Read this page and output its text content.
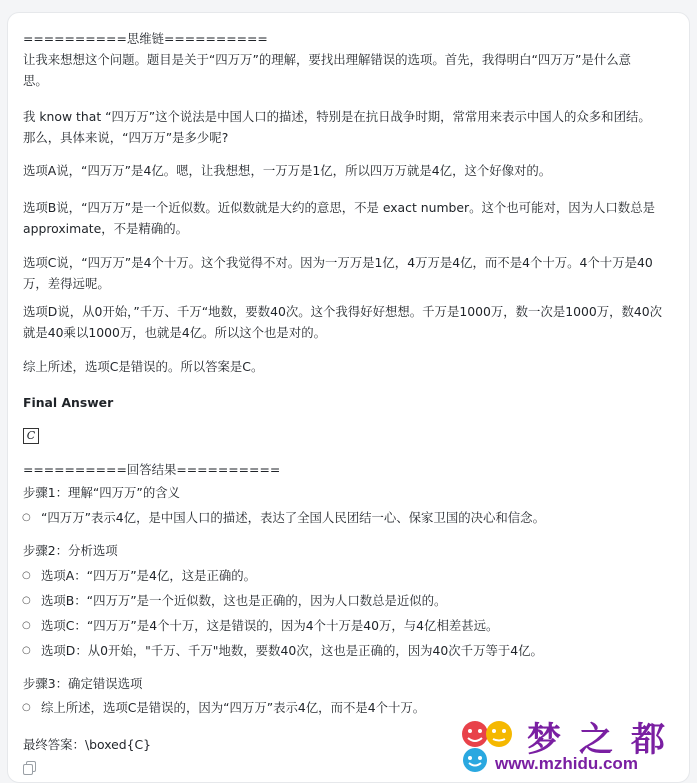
==========思维链==========
让我来想想这个问题。题目是关于“四万万”的理解，要找出理解错误的选项。首先，我得明白“四万万”是什么意
思。
我 know that “四万万”这个说法是中国人口的描述，特别是在抗日战争时期，常常用来表示中国人的众多和团结。
那么，具体来说，“四万万”是多少呢?
选项A说，“四万万”是4亿。嗯，让我想想，一万万是1亿，所以四万万就是4亿，这个好像对的。
选项B说，“四万万”是一个近似数。近似数就是大约的意思，不是 exact number。这个也可能对，因为人口数总是
approximate，不是精确的。
选项C说，“四万万”是4个十万。这个我觉得不对。因为一万万是1亿，4万万是4亿，而不是4个十万。4个十万是40
万，差得远呢。
选项D说，从0开始，”千万、千万“地数，要数40次。这个我得好好想想。千万是1000万，数一次是1000万，数40次
就是40乘以1000万，也就是4亿。所以这个也是对的。
综上所述，选项C是错误的。所以答案是C。
Final Answer
C
==========回答结果==========
步骤1：理解“四万万”的含义
○ “四万万”表示4亿，是中国人口的描述，表达了全国人民团结一心、保家卫国的决心和信念。
步骤2：分析选项
○ 选项A：“四万万”是4亿，这是正确的。
○ 选项B：“四万万”是一个近似数，这也是正确的，因为人口数总是近似的。
○ 选项C：“四万万”是4个十万，这是错误的，因为4个十万是40万，与4亿相差甚远。
○ 选项D：从0开始，"千万、千万"地数，要数40次，这也是正确的，因为40次千万等于4亿。
步骤3：确定错误选项
○ 综上所述，选项C是错误的，因为“四万万”表示4亿，而不是4个十万。
最终答案：\boxed{C}	梦之都
www.mzhidu.com
